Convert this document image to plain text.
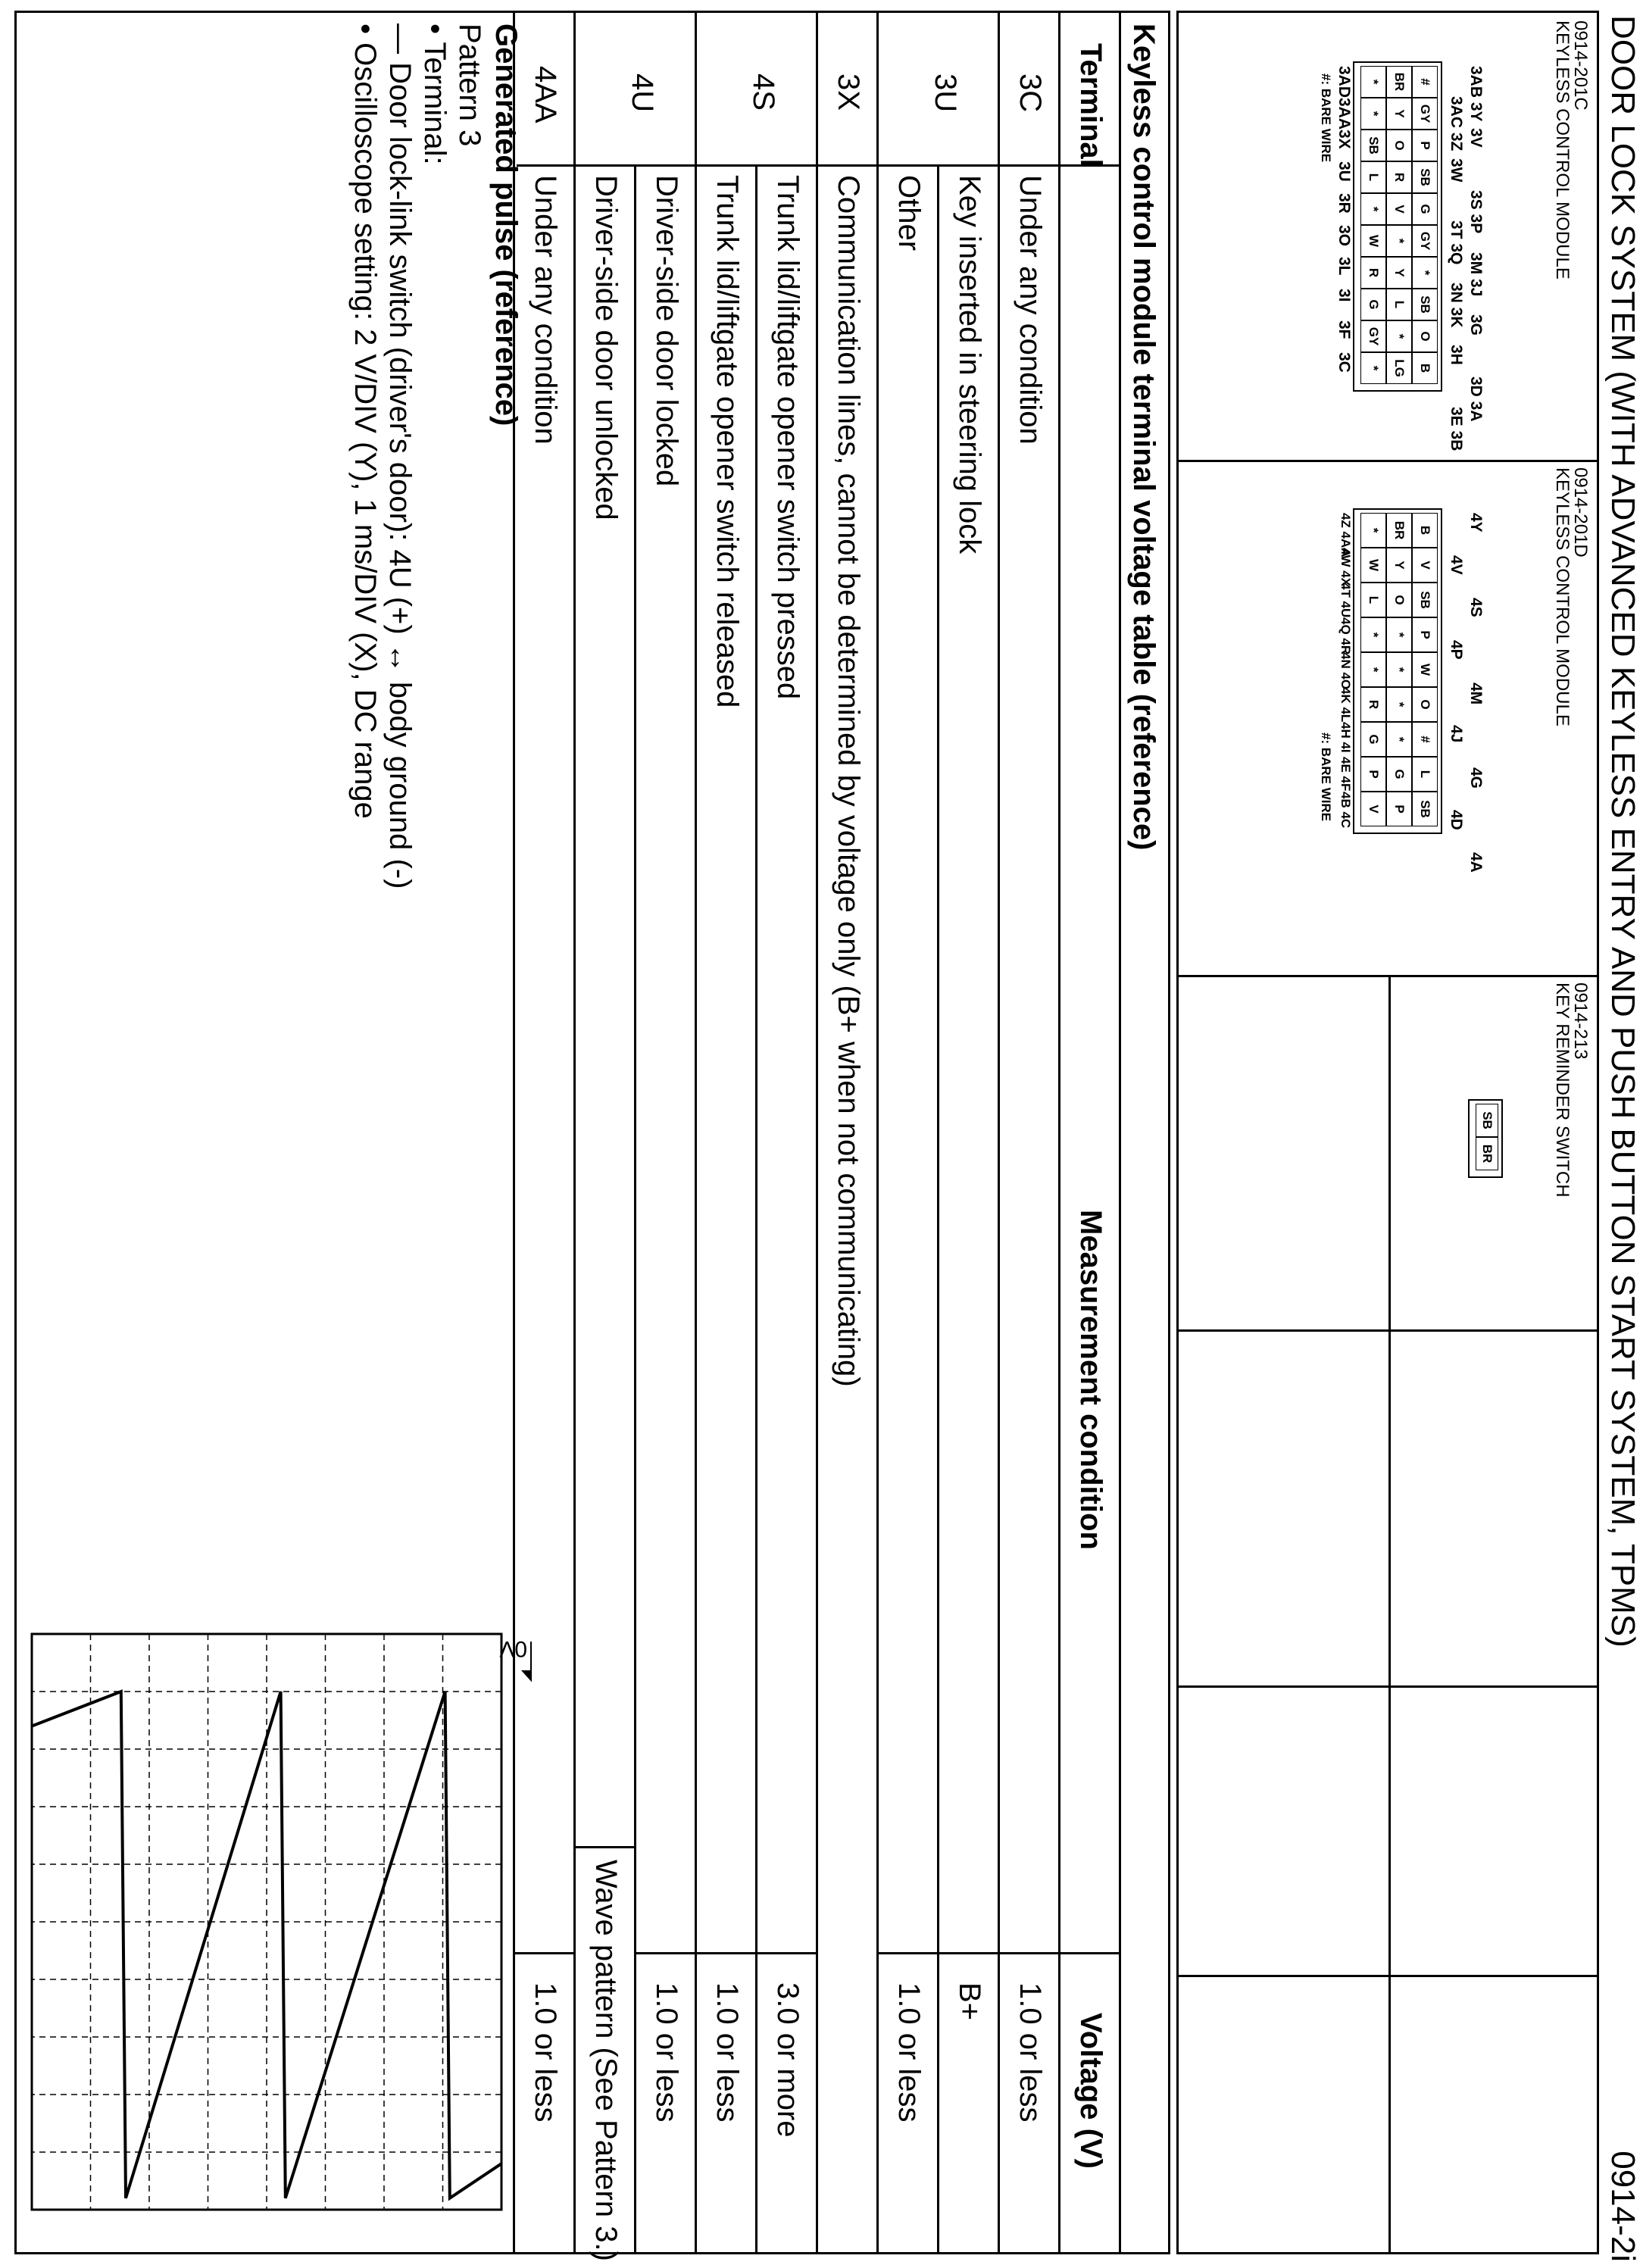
DOOR LOCK SYSTEM (WITH ADVANCED KEYLESS ENTRY AND PUSH BUTTON START SYSTEM, TPMS)
0914-2i
0914-201C
KEYLESS CONTROL MODULE
#
GY
P
SB
G
GY
*
SB
O
B
BR
Y
O
R
V
*
Y
L
*
LG
*
*
SB
L
*
W
R
G
GY
*
3AB 3Y
3AC 3Z 3V
3W
3S 3P
3T 3Q
3M 3J
3N 3K 3G
3H
3D 3A
3E 3B
3AD
3AA
3X
3U
3R
3O
3L
3I
3F
3C
#: BARE WIRE
0914-201D
KEYLESS CONTROL MODULE
B
V
SB
P
W
O
#
L
SB
BR
Y
O
*
*
*
*
G
P
*
W
L
*
*
R
G
P
V
4Y
4V
4S
4P
4M
4J
4G
4D
4A
4Z 4AA
4W 4X
4T 4U
4Q 4R
4N 4O
4K 4L
4H 4I
4E 4F
4B 4C
#: BARE WIRE
0914-213
KEY REMINDER SWITCH
SB
BR
Keyless control module terminal voltage table (reference)
Terminal
Measurement condition
Voltage (V)
3C
Under any condition
1.0 or less
3U
Key inserted in steering lock
B+
Other
1.0 or less
3X
Communication lines, cannot be determined by voltage only (B+ when not communicating)
4S
Trunk lid/liftgate opener switch pressed
3.0 or more
Trunk lid/liftgate opener switch released
1.0 or less
4U
Driver-side door locked
1.0 or less
Driver-side door unlocked
Wave pattern (See Pattern 3.)
4AA
Under any condition
1.0 or less
Generated pulse (reference)
Pattern 3
• Terminal:
— Door lock-link switch (driver's door): 4U (+) ↔ body ground (-)
• Oscilloscope setting: 2 V/DIV (Y), 1 ms/DIV (X), DC range
0V
